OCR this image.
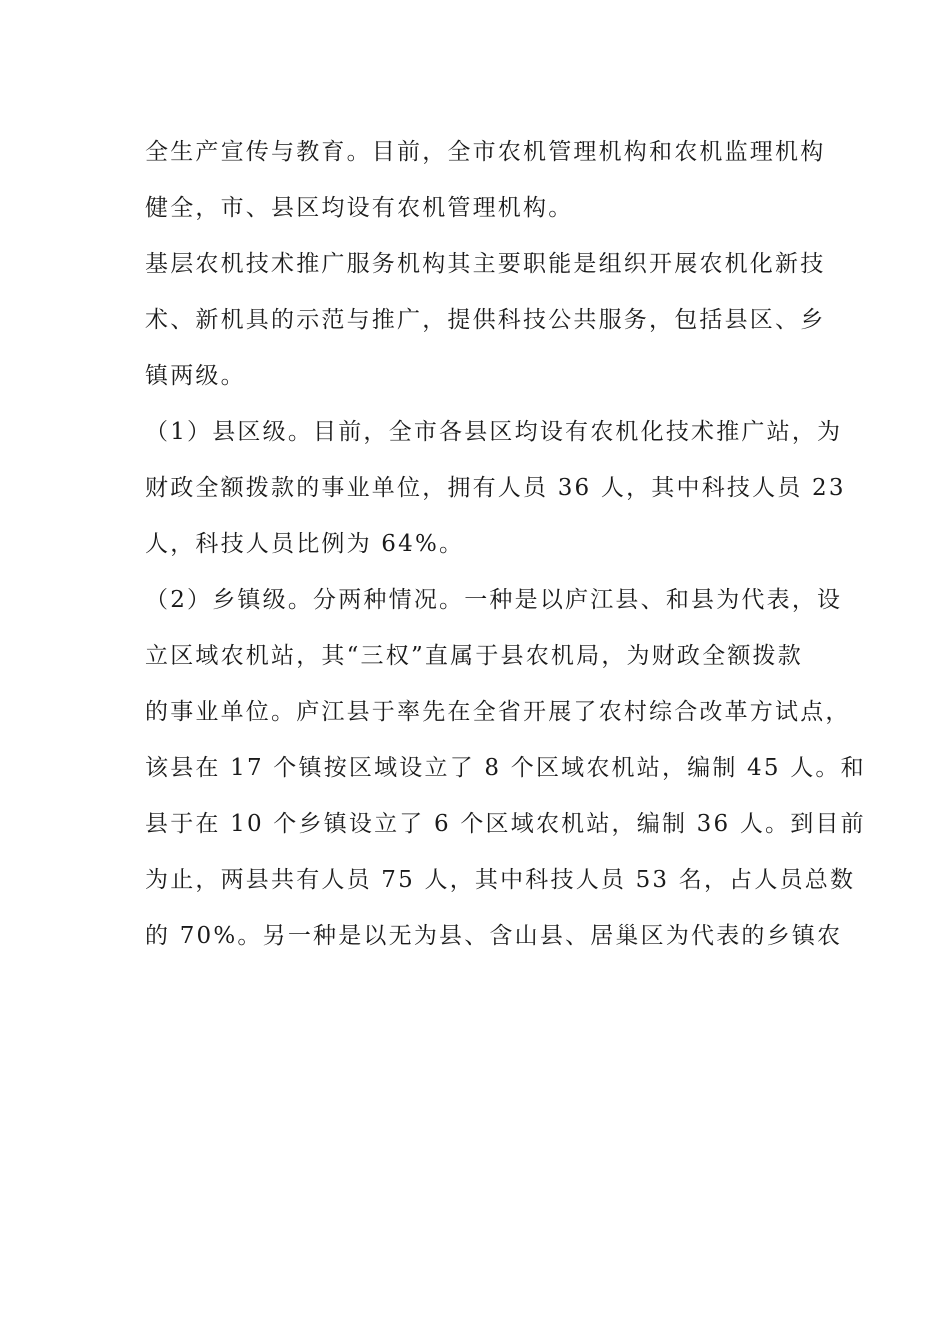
全生产宣传与教育。目前，全市农机管理机构和农机监理机构

健全，市、县区均设有农机管理机构。

基层农机技术推广服务机构其主要职能是组织开展农机化新技

术、新机具的示范与推广，提供科技公共服务，包括县区、乡

镇两级。

（1）县区级。目前，全市各县区均设有农机化技术推广站，为

财政全额拨款的事业单位，拥有人员 36 人，其中科技人员 23

人，科技人员比例为 64%。

（2）乡镇级。分两种情况。一种是以庐江县、和县为代表，设

立区域农机站，其“三权”直属于县农机局，为财政全额拨款

的事业单位。庐江县于率先在全省开展了农村综合改革方试点，

该县在 17 个镇按区域设立了 8 个区域农机站，编制 45 人。和

县于在 10 个乡镇设立了 6 个区域农机站，编制 36 人。到目前

为止，两县共有人员 75 人，其中科技人员 53 名，占人员总数

的 70%。另一种是以无为县、含山县、居巢区为代表的乡镇农
